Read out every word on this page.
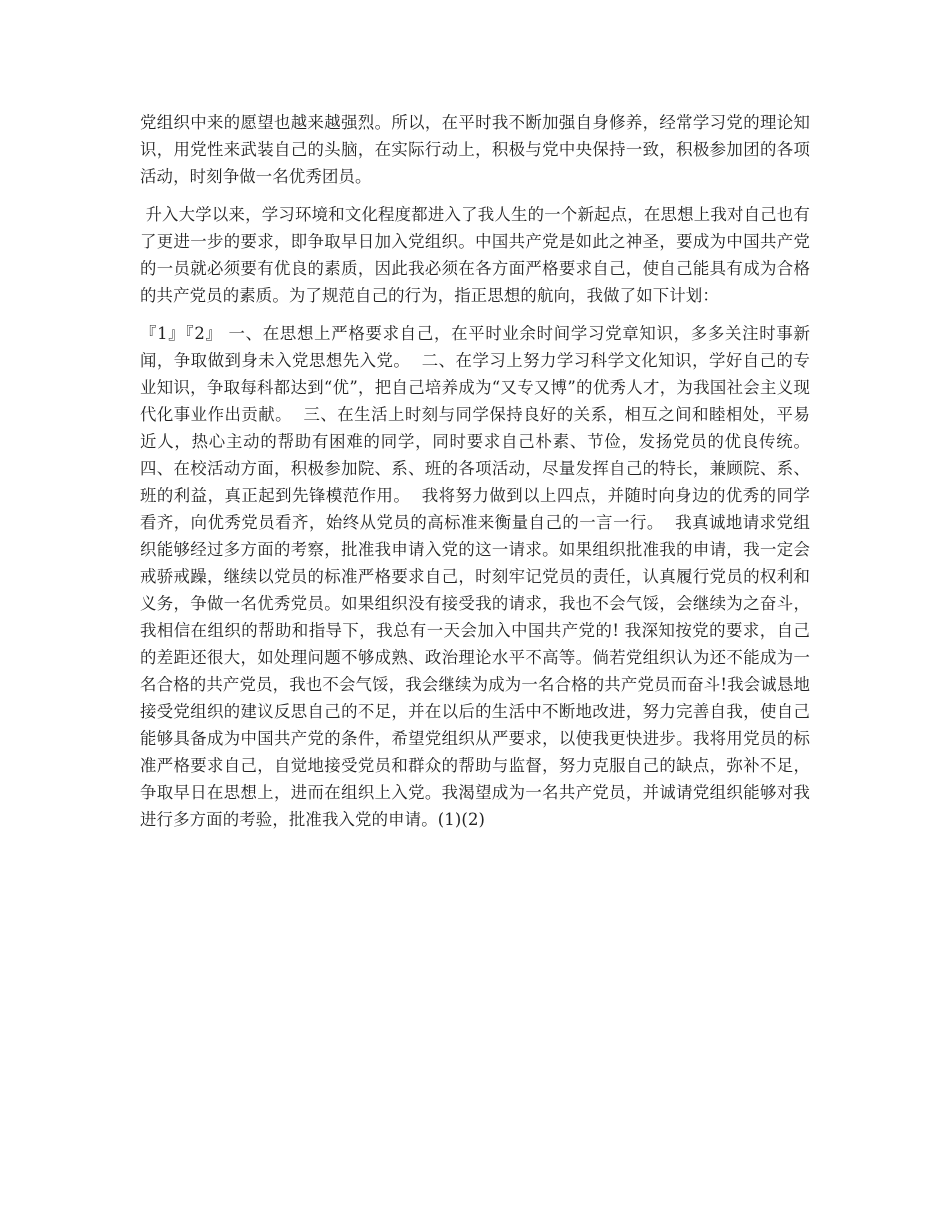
党组织中来的愿望也越来越强烈。所以，在平时我不断加强自身修养，经常学习党的理论知识，用党性来武装自己的头脑，在实际行动上，积极与党中央保持一致，积极参加团的各项活动，时刻争做一名优秀团员。

升入大学以来，学习环境和文化程度都进入了我人生的一个新起点，在思想上我对自己也有了更进一步的要求，即争取早日加入党组织。中国共产党是如此之神圣，要成为中国共产党的一员就必须要有优良的素质，因此我必须在各方面严格要求自己，使自己能具有成为合格的共产党员的素质。为了规范自己的行为，指正思想的航向，我做了如下计划：

『1』『2』 一、在思想上严格要求自己，在平时业余时间学习党章知识，多多关注时事新闻，争取做到身未入党思想先入党。  二、在学习上努力学习科学文化知识，学好自己的专业知识，争取每科都达到“优”，把自己培养成为“又专又博”的优秀人才，为我国社会主义现代化事业作出贡献。  三、在生活上时刻与同学保持良好的关系，相互之间和睦相处，平易近人，热心主动的帮助有困难的同学，同时要求自己朴素、节俭，发扬党员的优良传统。  四、在校活动方面，积极参加院、系、班的各项活动，尽量发挥自己的特长，兼顾院、系、班的利益，真正起到先锋模范作用。  我将努力做到以上四点，并随时向身边的优秀的同学看齐，向优秀党员看齐，始终从党员的高标准来衡量自己的一言一行。  我真诚地请求党组织能够经过多方面的考察，批准我申请入党的这一请求。如果组织批准我的申请，我一定会戒骄戒躁，继续以党员的标准严格要求自己，时刻牢记党员的责任，认真履行党员的权利和义务，争做一名优秀党员。如果组织没有接受我的请求，我也不会气馁，会继续为之奋斗，我相信在组织的帮助和指导下，我总有一天会加入中国共产党的! 我深知按党的要求，自己的差距还很大，如处理问题不够成熟、政治理论水平不高等。倘若党组织认为还不能成为一名合格的共产党员，我也不会气馁，我会继续为成为一名合格的共产党员而奋斗!我会诚恳地接受党组织的建议反思自己的不足，并在以后的生活中不断地改进，努力完善自我，使自己能够具备成为中国共产党的条件，希望党组织从严要求，以使我更快进步。我将用党员的标准严格要求自己，自觉地接受党员和群众的帮助与监督，努力克服自己的缺点，弥补不足，争取早日在思想上，进而在组织上入党。我渴望成为一名共产党员，并诚请党组织能够对我进行多方面的考验，批准我入党的申请。(1)(2)
